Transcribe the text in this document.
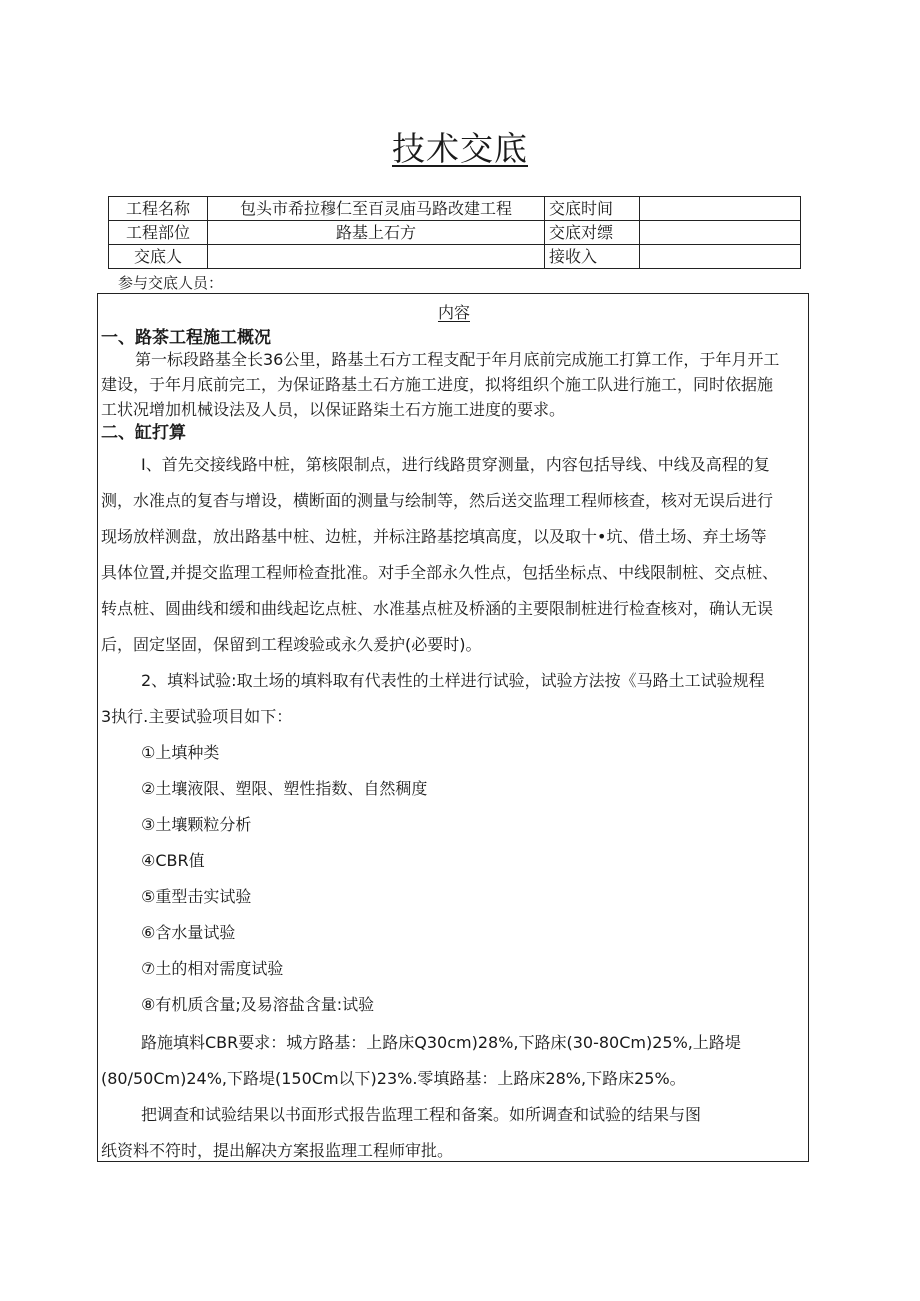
技术交底
工程名称	包头市希拉穆仁至百灵庙马路改建工程	交底时间	
工程部位	路基上石方	交底对缥	
交底人		接收入	
参与交底人员：
内容
一、路茶工程施工概况
第一标段路基全长36公里，路基土石方工程支配于年月底前完成施工打算工作，于年月开工
建设，于年月底前完工，为保证路基土石方施工进度，拟将组织个施工队进行施工，同时依据施
工状况增加机械设法及人员，以保证路柒土石方施工进度的要求。
二、缸打算
I、首先交接线路中桩，第核限制点，进行线路贯穿测量，内容包括导线、中线及高程的复
测，水准点的复杳与增设，横断面的测量与绘制等，然后送交监理工程师核查，核对无误后进行
现场放样测盘，放出路基中桩、边桩，并标注路基挖填高度，以及取十•坑、借土场、弃土场等
具体位置,并提交监理工程师检查批准。对手全部永久性点，包括坐标点、中线限制桩、交点桩、
转点桩、圆曲线和缓和曲线起讫点桩、水准基点桩及桥涵的主要限制桩进行检查核对，确认无误
后，固定坚固，保留到工程竣验或永久爰护(必要时)。
2、填料试验:取土场的填料取有代表性的土样进行试验，试验方法按《马路土工试验规程
3执行.主要试验项目如下：
①上填种类
②土壤液限、塑限、塑性指数、自然稠度
③土壤颗粒分析
④CBR值
⑤重型击实试验
⑥含水量试验
⑦土的相对需度试验
⑧有机质含量;及易溶盐含量:试验
路施填料CBR要求：城方路基：上路床Q30cm)28%,下路床(30-80Cm)25%,上路堤
(80/50Cm)24%,下路堤(150Cm以下)23%.零填路基：上路床28%,下路床25%。
把调查和试验结果以书面形式报告监理工程和备案。如所调查和试验的结果与图
纸资料不符时，提出解决方案报监理工程师审批。
